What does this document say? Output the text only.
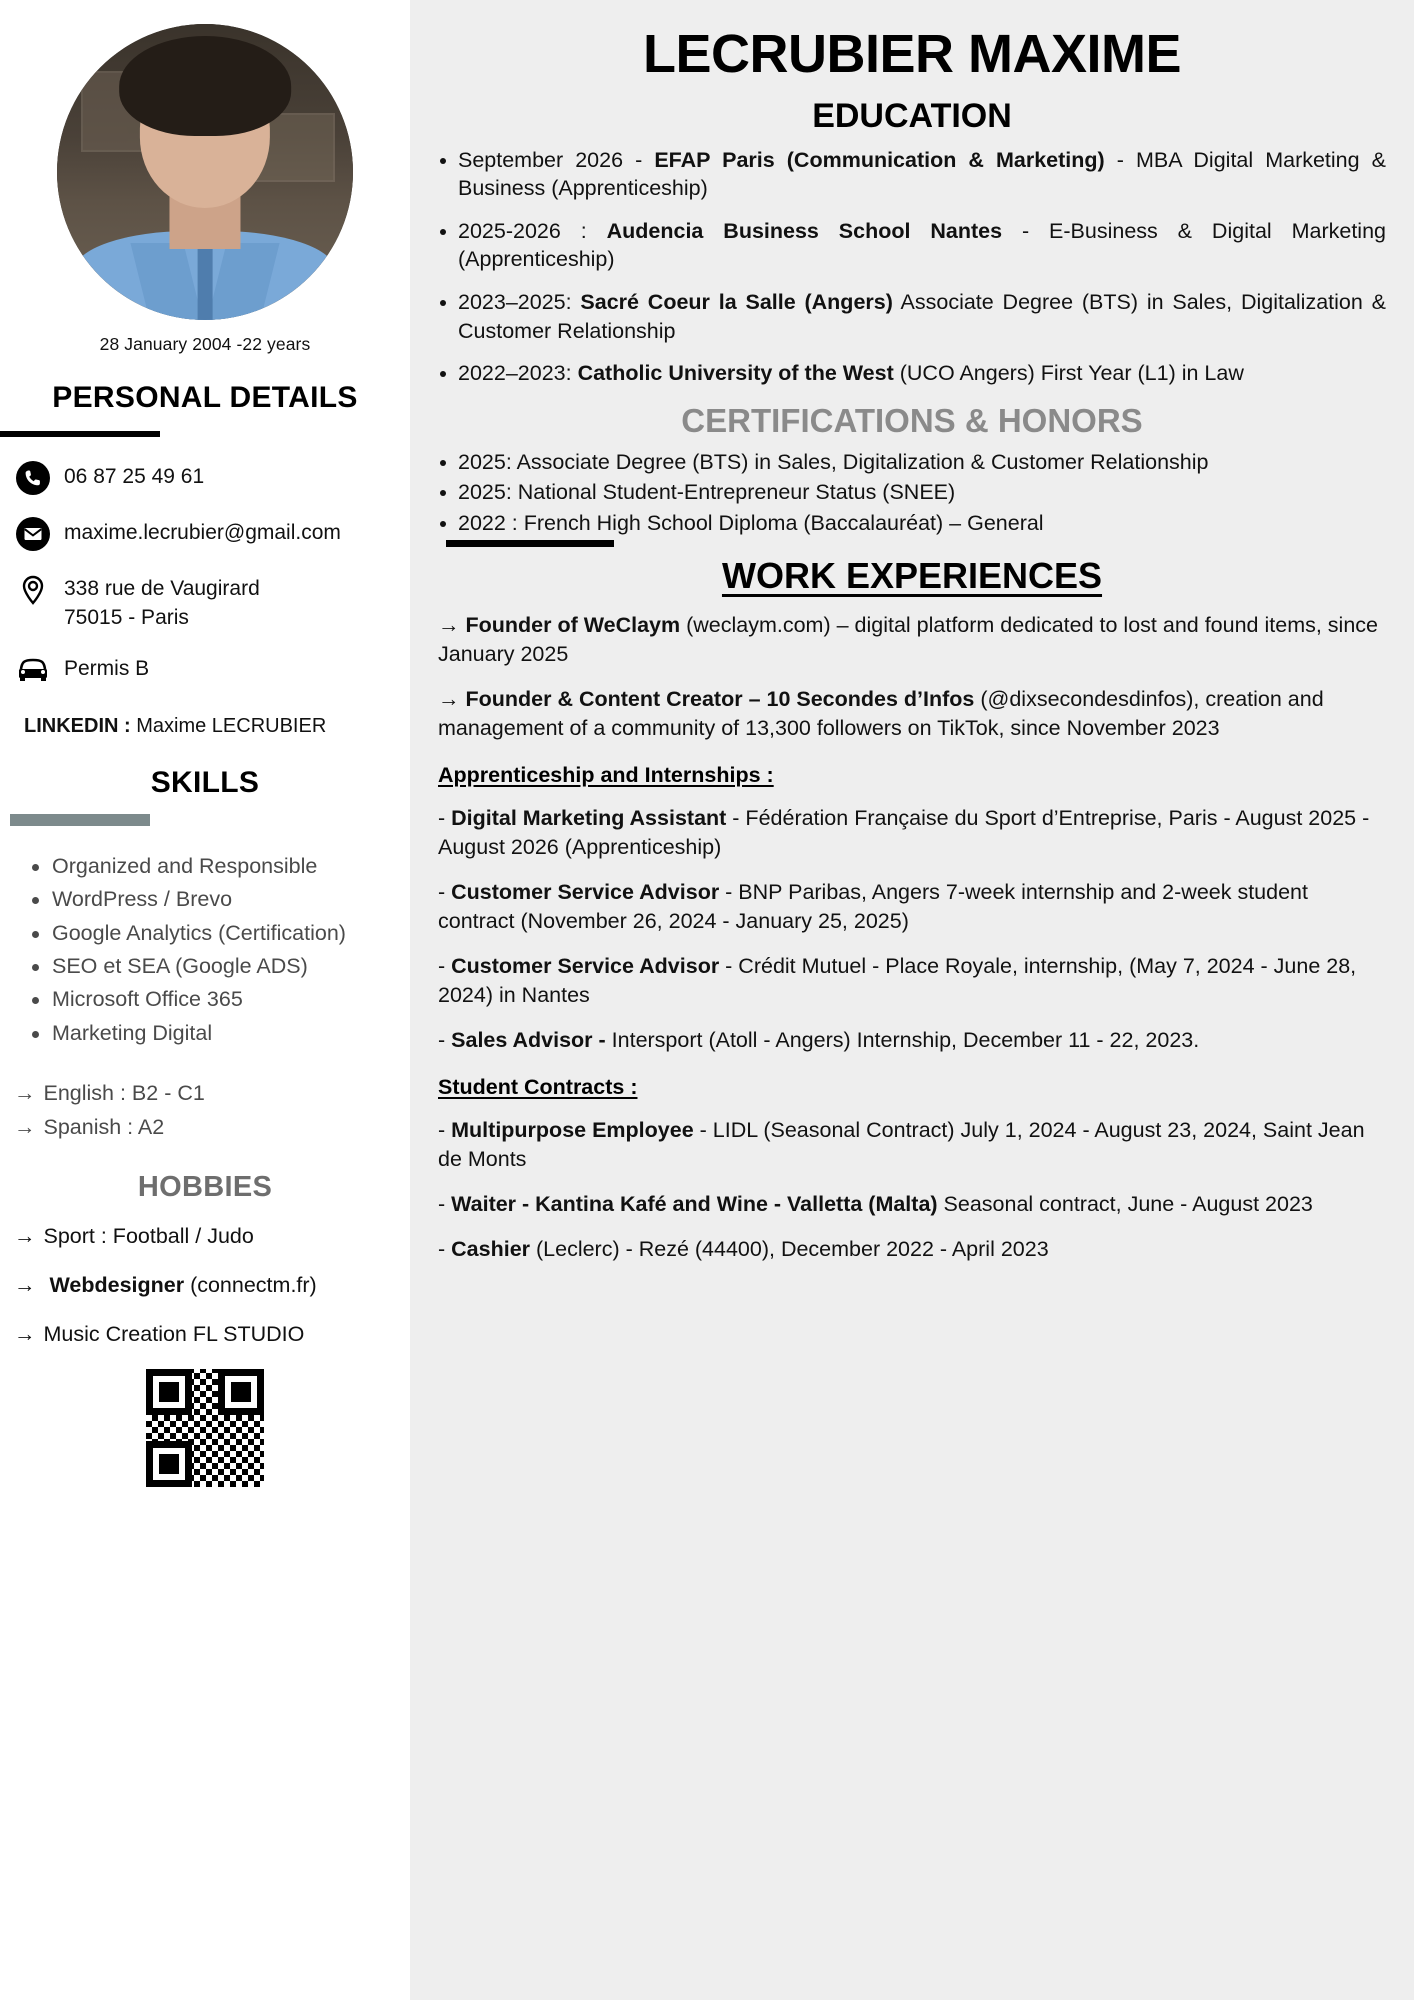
28 January 2004 -22 years
PERSONAL DETAILS
06 87 25 49 61
maxime.lecrubier@gmail.com
338 rue de Vaugirard
75015 - Paris
Permis B
LINKEDIN : Maxime LECRUBIER
SKILLS
Organized and Responsible
WordPress / Brevo
Google Analytics (Certification)
SEO et SEA (Google ADS)
Microsoft Office 365
Marketing Digital
→ English : B2 - C1
→ Spanish : A2
HOBBIES
→ Sport : Football / Judo
→ Webdesigner (connectm.fr)
→ Music Creation FL STUDIO
LECRUBIER MAXIME
EDUCATION
September 2026 - EFAP Paris (Communication & Marketing) - MBA Digital Marketing & Business (Apprenticeship)
2025-2026 : Audencia Business School Nantes - E-Business & Digital Marketing (Apprenticeship)
2023–2025: Sacré Coeur la Salle (Angers) Associate Degree (BTS) in Sales, Digitalization & Customer Relationship
2022–2023: Catholic University of the West (UCO Angers) First Year (L1) in Law
CERTIFICATIONS & HONORS
2025: Associate Degree (BTS) in Sales, Digitalization & Customer Relationship
2025: National Student-Entrepreneur Status (SNEE)
2022 : French High School Diploma (Baccalauréat) – General
WORK EXPERIENCES
→ Founder of WeClaym (weclaym.com) – digital platform dedicated to lost and found items, since January 2025
→ Founder & Content Creator – 10 Secondes d’Infos (@dixsecondesdinfos), creation and management of a community of 13,300 followers on TikTok, since November 2023
Apprenticeship and Internships :
- Digital Marketing Assistant - Fédération Française du Sport d’Entreprise, Paris - August 2025 - August 2026 (Apprenticeship)
- Customer Service Advisor - BNP Paribas, Angers 7-week internship and 2-week student contract (November 26, 2024 - January 25, 2025)
- Customer Service Advisor - Crédit Mutuel - Place Royale, internship, (May 7, 2024 - June 28, 2024) in Nantes
- Sales Advisor - Intersport (Atoll - Angers) Internship, December 11 - 22, 2023.
Student Contracts :
- Multipurpose Employee - LIDL (Seasonal Contract) July 1, 2024 - August 23, 2024, Saint Jean de Monts
- Waiter - Kantina Kafé and Wine - Valletta (Malta) Seasonal contract, June - August 2023
- Cashier (Leclerc) - Rezé (44400), December 2022 - April 2023
